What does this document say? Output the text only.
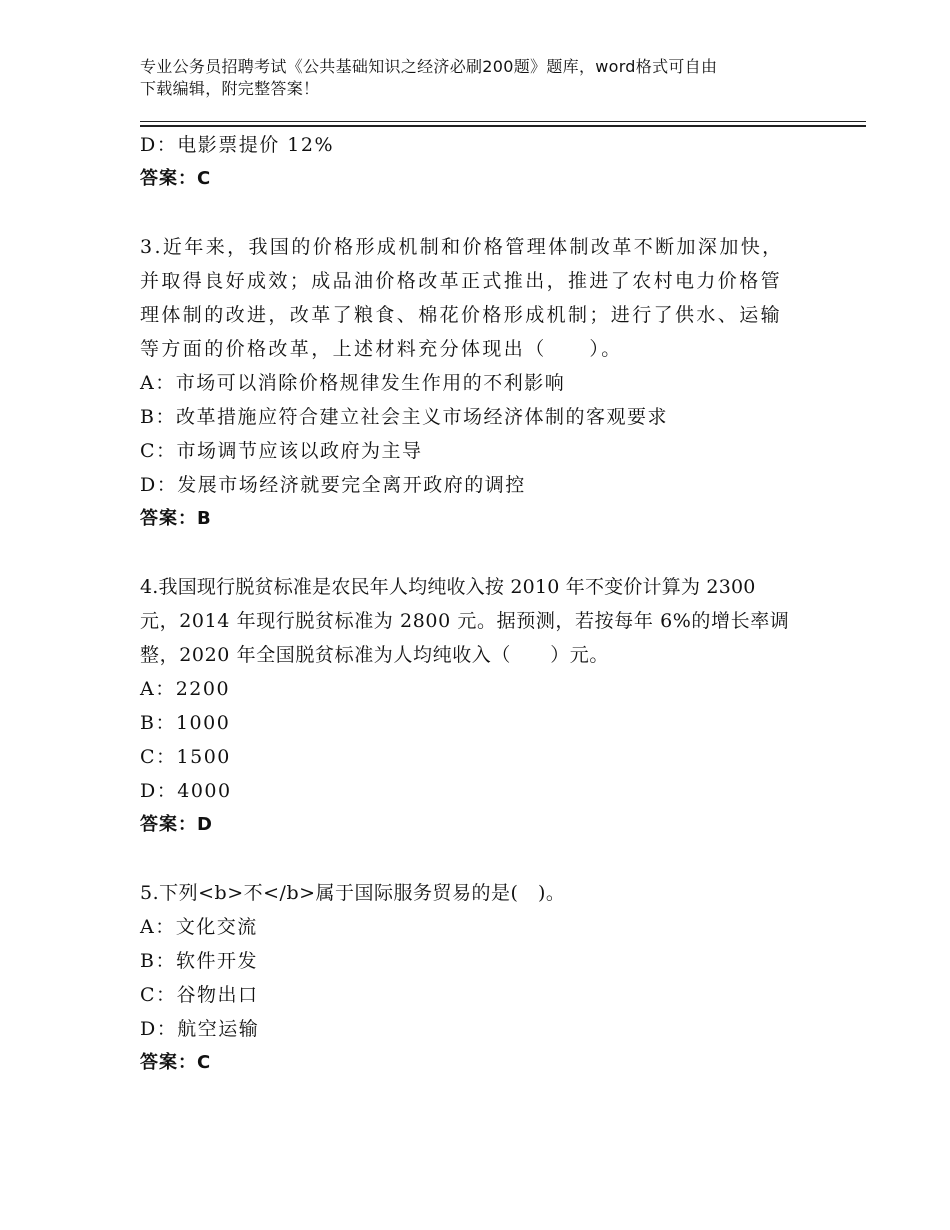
专业公务员招聘考试《公共基础知识之经济必刷200题》题库，word格式可自由
下载编辑，附完整答案！
D：电影票提价 12%
答案：C
3.近年来，我国的价格形成机制和价格管理体制改革不断加深加快，
并取得良好成效；成品油价格改革正式推出，推进了农村电力价格管
理体制的改进，改革了粮食、棉花价格形成机制；进行了供水、运输
等方面的价格改革，上述材料充分体现出（　　）。
A：市场可以消除价格规律发生作用的不利影响
B：改革措施应符合建立社会主义市场经济体制的客观要求
C：市场调节应该以政府为主导
D：发展市场经济就要完全离开政府的调控
答案：B
4.我国现行脱贫标准是农民年人均纯收入按 2010 年不变价计算为 2300
元，2014 年现行脱贫标准为 2800 元。据预测，若按每年 6%的增长率调
整，2020 年全国脱贫标准为人均纯收入（　　）元。
A：2200
B：1000
C：1500
D：4000
答案：D
5.下列<b>不</b>属于国际服务贸易的是(　)。
A：文化交流
B：软件开发
C：谷物出口
D：航空运输
答案：C
